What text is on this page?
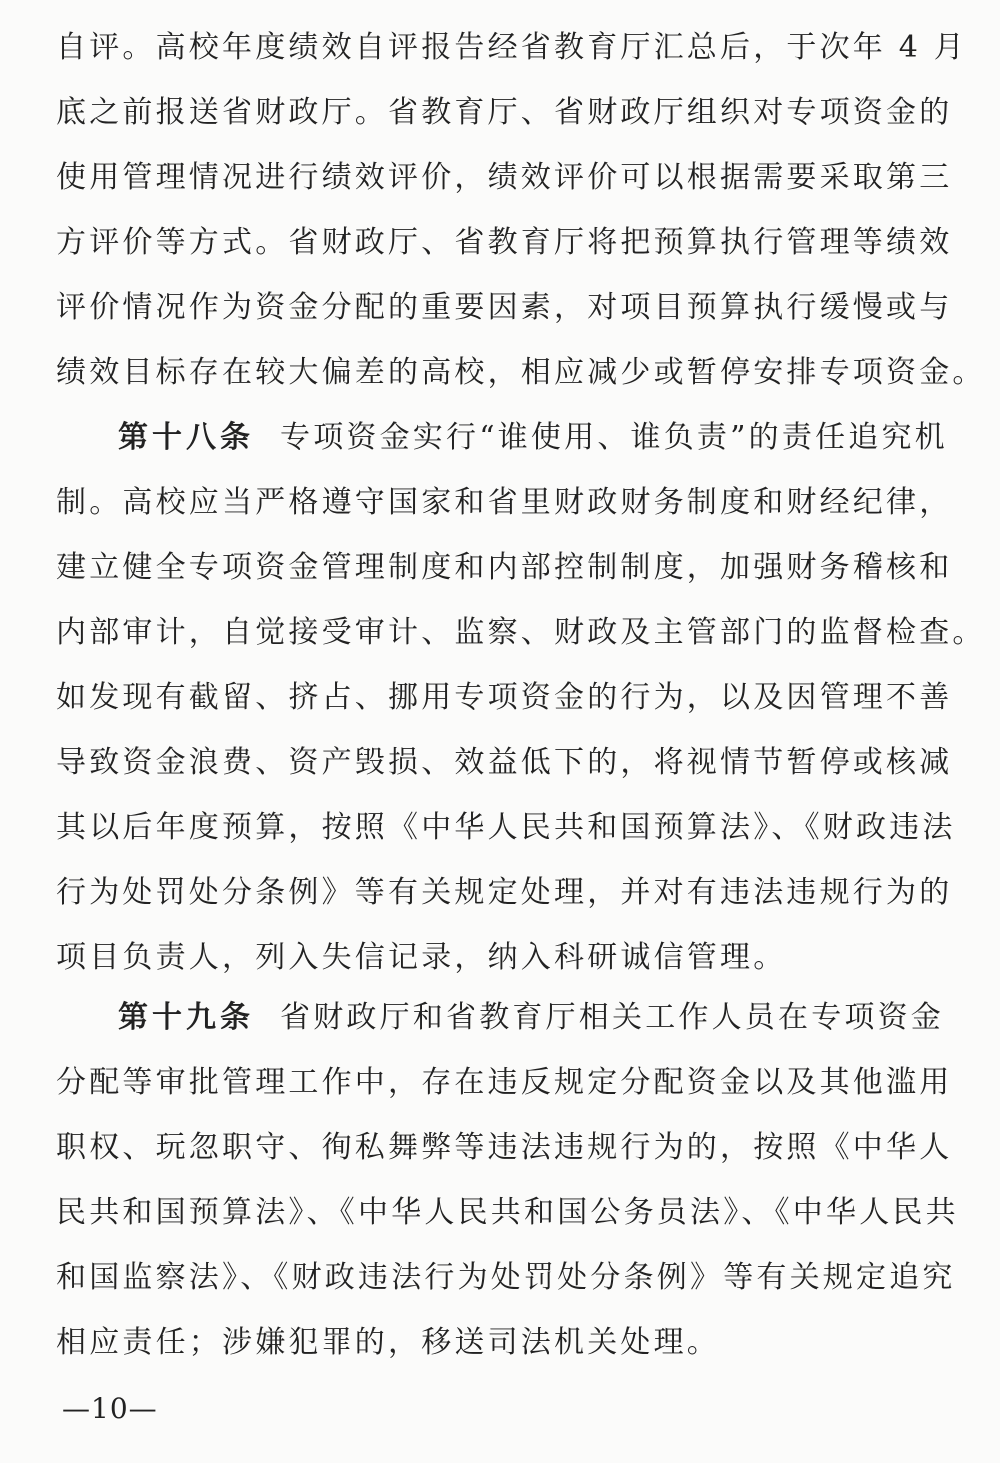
自评。高校年度绩效自评报告经省教育厅汇总后，于次年 4 月
底之前报送省财政厅。省教育厅、省财政厅组织对专项资金的
使用管理情况进行绩效评价，绩效评价可以根据需要采取第三
方评价等方式。省财政厅、省教育厅将把预算执行管理等绩效
评价情况作为资金分配的重要因素，对项目预算执行缓慢或与
绩效目标存在较大偏差的高校，相应减少或暂停安排专项资金。
第十八条 专项资金实行“谁使用、谁负责”的责任追究机
制。高校应当严格遵守国家和省里财政财务制度和财经纪律，
建立健全专项资金管理制度和内部控制制度，加强财务稽核和
内部审计，自觉接受审计、监察、财政及主管部门的监督检查。
如发现有截留、挤占、挪用专项资金的行为，以及因管理不善
导致资金浪费、资产毁损、效益低下的，将视情节暂停或核减
其以后年度预算，按照《中华人民共和国预算法》、《财政违法
行为处罚处分条例》等有关规定处理，并对有违法违规行为的
项目负责人，列入失信记录，纳入科研诚信管理。
第十九条 省财政厅和省教育厅相关工作人员在专项资金
分配等审批管理工作中，存在违反规定分配资金以及其他滥用
职权、玩忽职守、徇私舞弊等违法违规行为的，按照《中华人
民共和国预算法》、《中华人民共和国公务员法》、《中华人民共
和国监察法》、《财政违法行为处罚处分条例》等有关规定追究
相应责任；涉嫌犯罪的，移送司法机关处理。
—10—
